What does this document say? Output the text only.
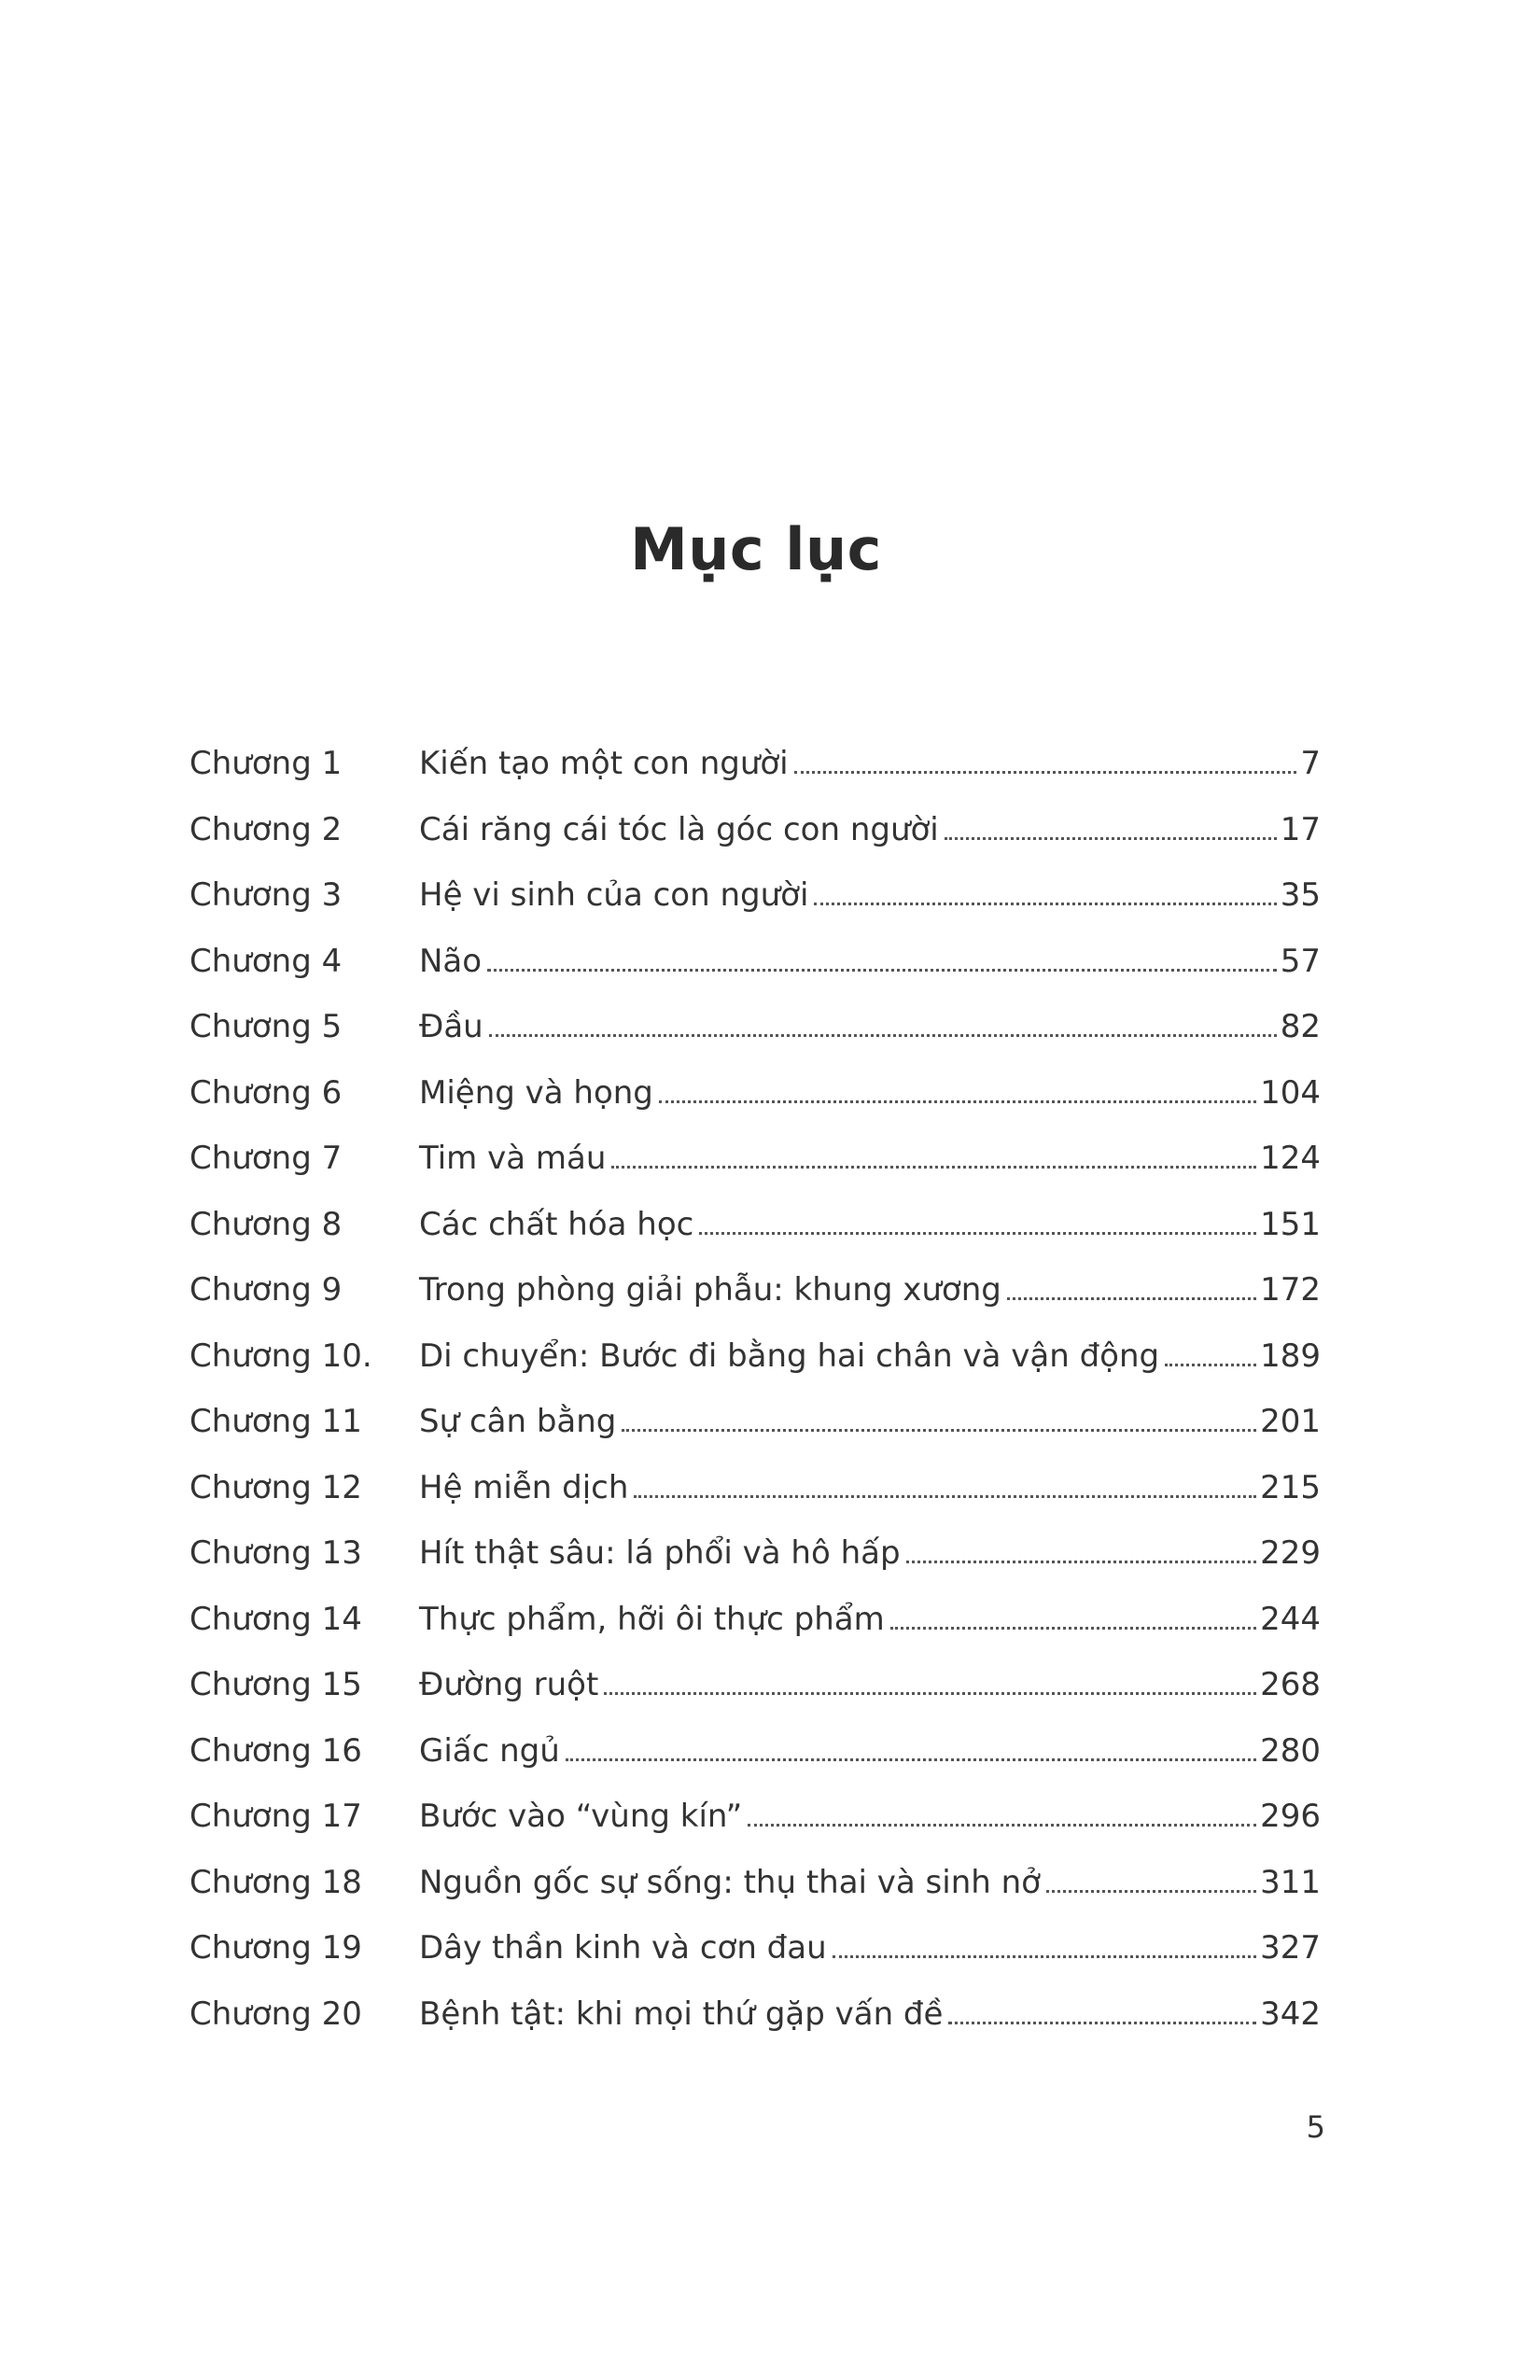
Mục lục
Chương 1	Kiến tạo một con người	7
Chương 2	Cái răng cái tóc là góc con người	17
Chương 3	Hệ vi sinh của con người	35
Chương 4	Não	57
Chương 5	Đầu	82
Chương 6	Miệng và họng	104
Chương 7	Tim và máu	124
Chương 8	Các chất hóa học	151
Chương 9	Trong phòng giải phẫu: khung xương	172
Chương 10.	Di chuyển: Bước đi bằng hai chân và vận động	189
Chương 11	Sự cân bằng	201
Chương 12	Hệ miễn dịch	215
Chương 13	Hít thật sâu: lá phổi và hô hấp	229
Chương 14	Thực phẩm, hỡi ôi thực phẩm	244
Chương 15	Đường ruột	268
Chương 16	Giấc ngủ	280
Chương 17	Bước vào “vùng kín”	296
Chương 18	Nguồn gốc sự sống: thụ thai và sinh nở	311
Chương 19	Dây thần kinh và cơn đau	327
Chương 20	Bệnh tật: khi mọi thứ gặp vấn đề	342
5
